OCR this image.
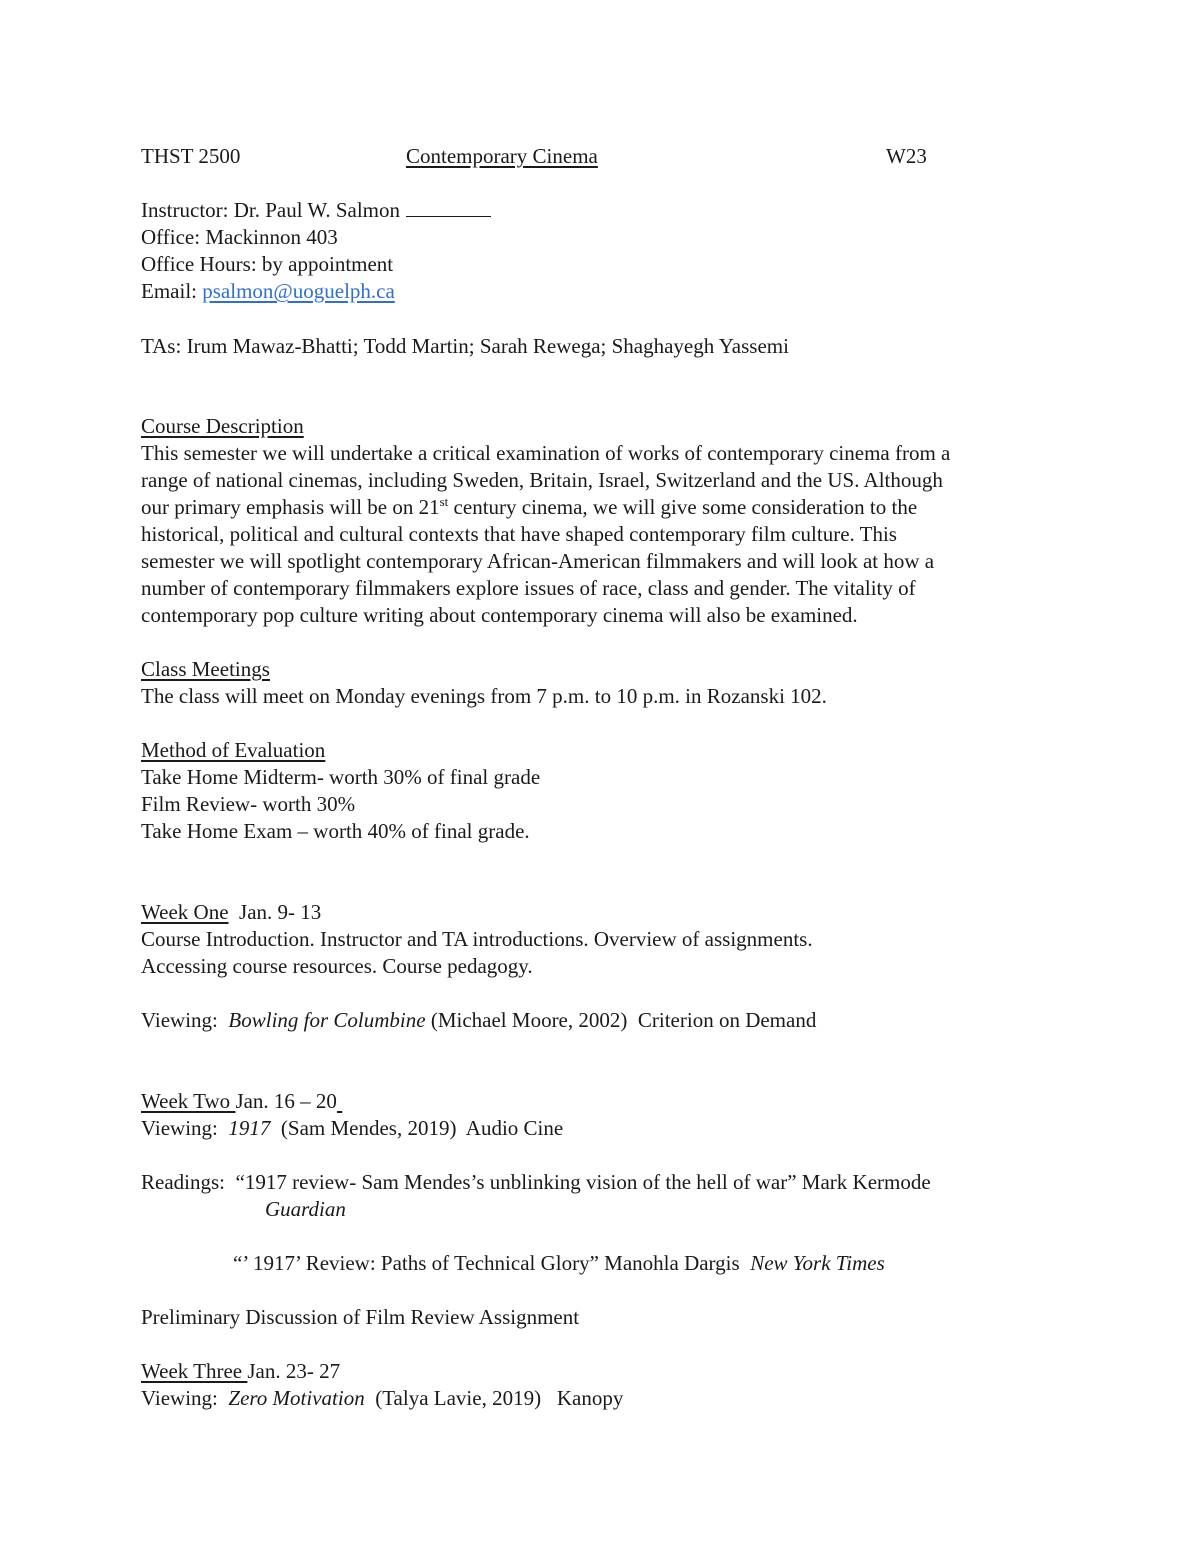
THST 2500	Contemporary Cinema	W23
Instructor: Dr. Paul W. Salmon
Office: Mackinnon 403
Office Hours: by appointment
Email: psalmon@uoguelph.ca
TAs: Irum Mawaz-Bhatti; Todd Martin; Sarah Rewega; Shaghayegh Yassemi
Course Description
This semester we will undertake a critical examination of works of contemporary cinema from a
range of national cinemas, including Sweden, Britain, Israel, Switzerland and the US. Although
our primary emphasis will be on 21st century cinema, we will give some consideration to the
historical, political and cultural contexts that have shaped contemporary film culture. This
semester we will spotlight contemporary African-American filmmakers and will look at how a
number of contemporary filmmakers explore issues of race, class and gender. The vitality of
contemporary pop culture writing about contemporary cinema will also be examined.
Class Meetings
The class will meet on Monday evenings from 7 p.m. to 10 p.m. in Rozanski 102.
Method of Evaluation
Take Home Midterm- worth 30% of final grade
Film Review- worth 30%
Take Home Exam – worth 40% of final grade.
Week One  Jan. 9- 13
Course Introduction. Instructor and TA introductions. Overview of assignments.
Accessing course resources. Course pedagogy.
Viewing:  Bowling for Columbine (Michael Moore, 2002)  Criterion on Demand
Week Two Jan. 16 – 20
Viewing:  1917  (Sam Mendes, 2019)  Audio Cine
Readings:  “1917 review- Sam Mendes’s unblinking vision of the hell of war” Mark Kermode
Guardian
“’ 1917’ Review: Paths of Technical Glory” Manohla Dargis  New York Times
Preliminary Discussion of Film Review Assignment
Week Three Jan. 23- 27
Viewing:  Zero Motivation  (Talya Lavie, 2019)   Kanopy
